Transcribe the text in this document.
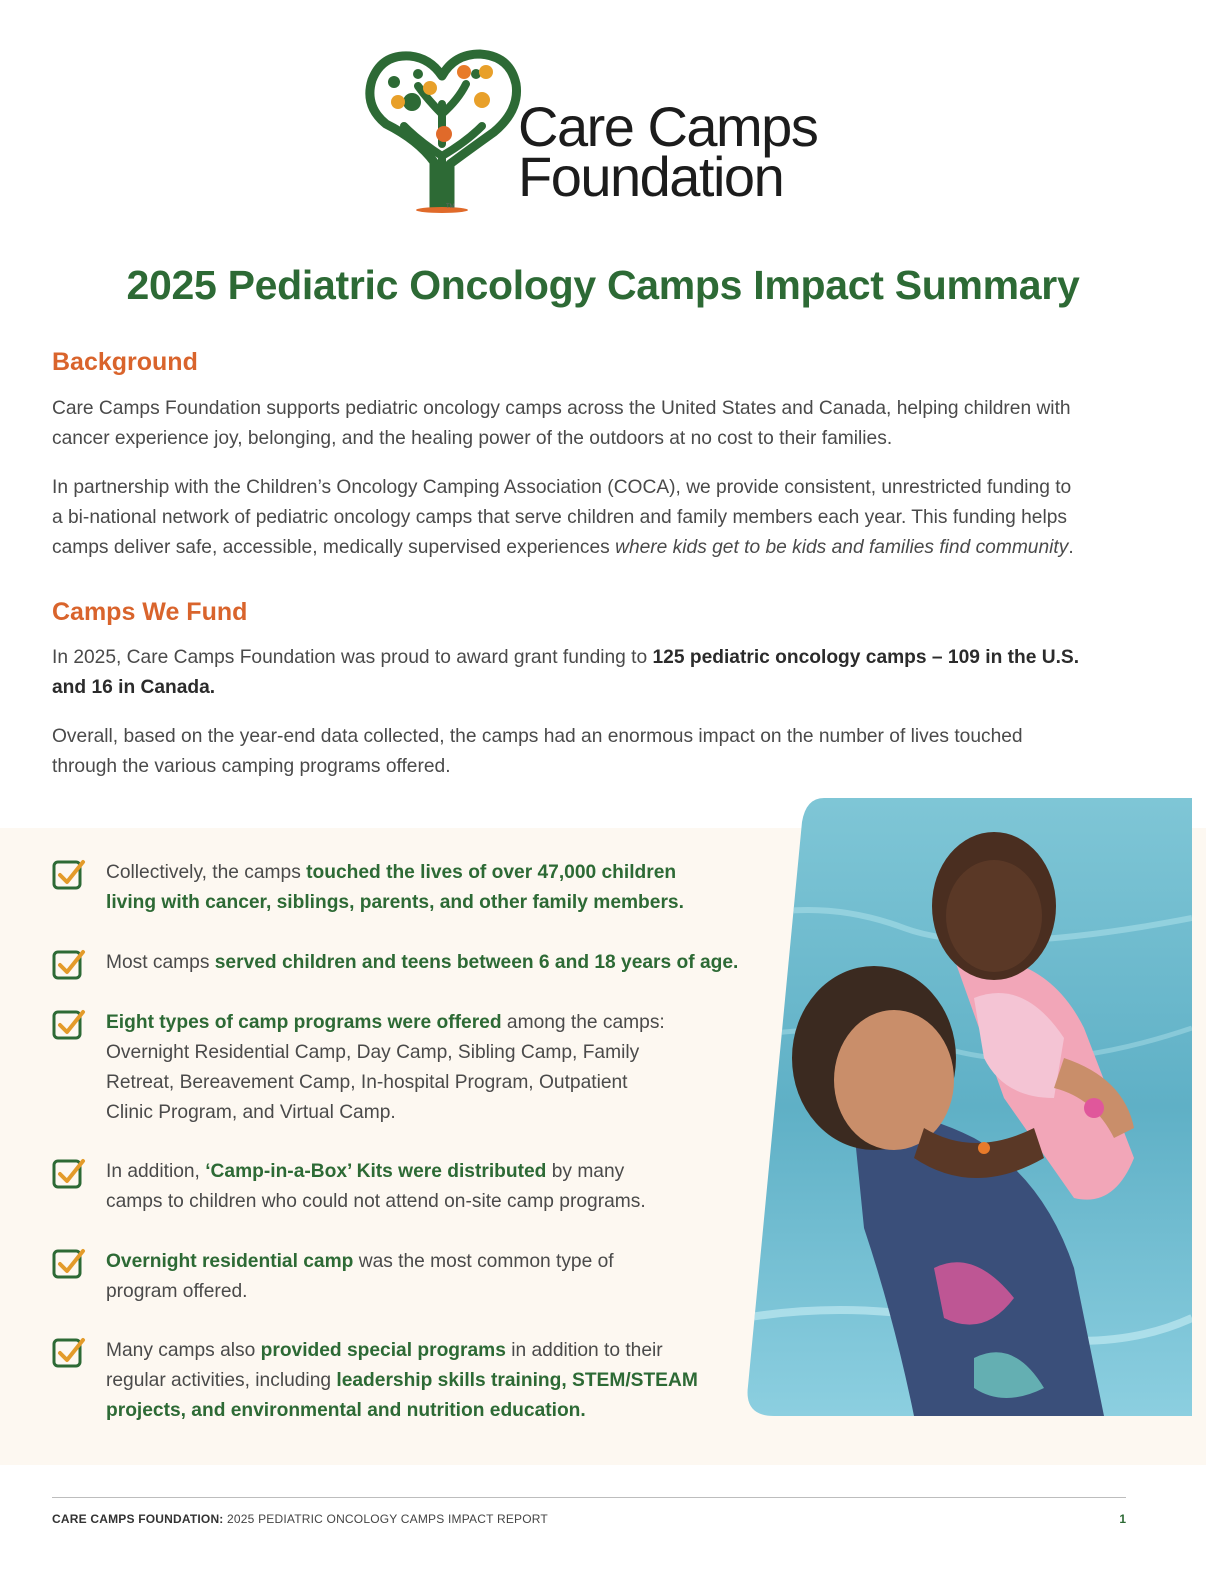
TM
Care Camps
Foundation
2025 Pediatric Oncology Camps Impact Summary
Background

Care Camps Foundation supports pediatric oncology camps across the United States and Canada, helping children with cancer experience joy, belonging, and the healing power of the outdoors at no cost to their families.

In partnership with the Children’s Oncology Camping Association (COCA), we provide consistent, unrestricted funding to
a bi-national network of pediatric oncology camps that serve children and family members each year. This funding helps
camps deliver safe, accessible, medically supervised experiences where kids get to be kids and families find community.

Camps We Fund

In 2025, Care Camps Foundation was proud to award grant funding to 125 pediatric oncology camps – 109 in the U.S.
and 16 in Canada.

Overall, based on the year-end data collected, the camps had an enormous impact on the number of lives touched through the various camping programs offered.

Collectively, the camps touched the lives of over 47,000 children
living with cancer, siblings, parents, and other family members.

Most camps served children and teens between 6 and 18 years of age.

Eight types of camp programs were offered among the camps:
Overnight Residential Camp, Day Camp, Sibling Camp, Family
Retreat, Bereavement Camp, In-hospital Program, Outpatient
Clinic Program, and Virtual Camp.

In addition, ‘Camp-in-a-Box’ Kits were distributed by many
camps to children who could not attend on-site camp programs.

Overnight residential camp was the most common type of
program offered.

Many camps also provided special programs in addition to their
regular activities, including leadership skills training, STEM/STEAM
projects, and environmental and nutrition education.

CARE CAMPS FOUNDATION: 2025 PEDIATRIC ONCOLOGY CAMPS IMPACT REPORT	1
